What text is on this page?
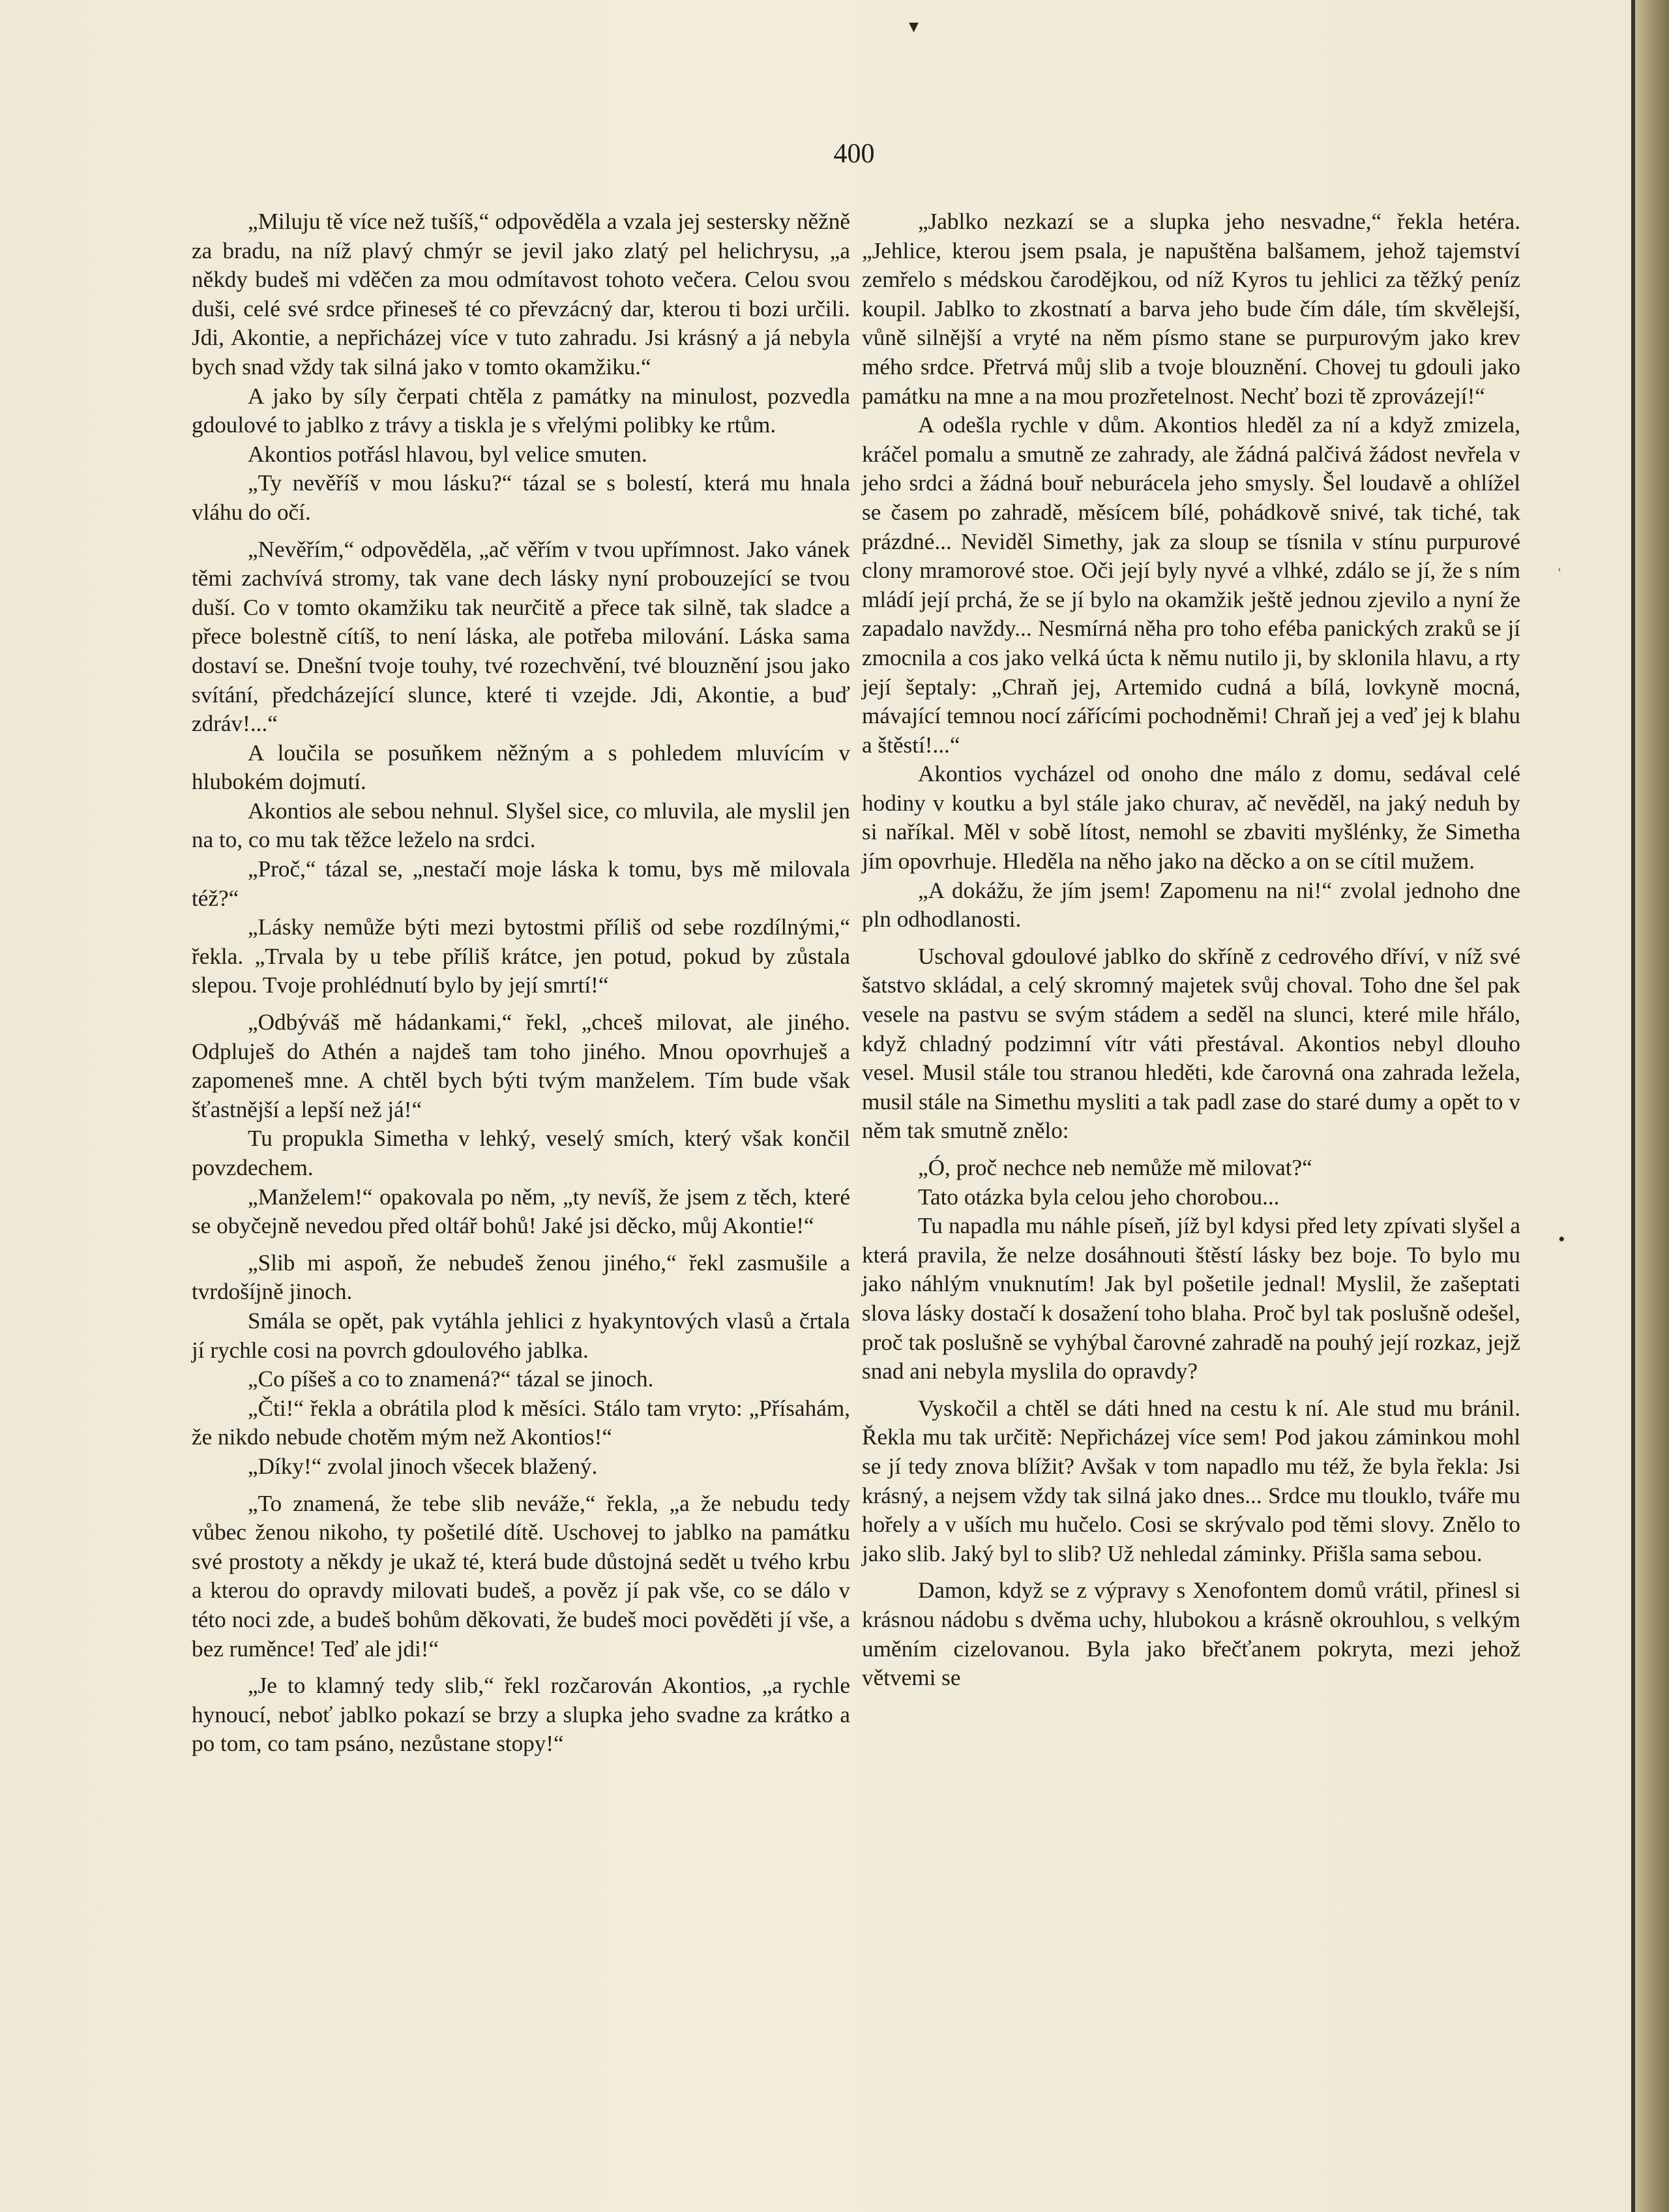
▾
•
'
400

„Miluju tě více než tušíš,“ odpověděla a vzala jej sestersky něžně za bradu, na níž plavý chmýr se jevil jako zlatý pel helichrysu, „a někdy budeš mi vděčen za mou odmítavost tohoto večera. Celou svou duši, celé své srdce přineseš té co převzácný dar, kterou ti bozi určili. Jdi, Akontie, a nepřicházej více v tuto zahradu. Jsi krásný a já nebyla bych snad vždy tak silná jako v tomto okamžiku.“

A jako by síly čerpati chtěla z památky na minulost, pozvedla gdoulové to jablko z trávy a tiskla je s vřelými polibky ke rtům.

Akontios potřásl hlavou, byl velice smuten.

„Ty nevěříš v mou lásku?“ tázal se s bolestí, která mu hnala vláhu do očí.

„Nevěřím,“ odpověděla, „ač věřím v tvou upřímnost. Jako vánek těmi zachvívá stromy, tak vane dech lásky nyní probouzející se tvou duší. Co v tomto okamžiku tak neurčitě a přece tak silně, tak sladce a přece bolestně cítíš, to není láska, ale potřeba milování. Láska sama dostaví se. Dnešní tvoje touhy, tvé rozechvění, tvé blouznění jsou jako svítání, předcházející slunce, které ti vzejde. Jdi, Akontie, a buď zdráv!...“

A loučila se posuňkem něžným a s pohledem mluvícím v hlubokém dojmutí.

Akontios ale sebou nehnul. Slyšel sice, co mluvila, ale myslil jen na to, co mu tak těžce leželo na srdci.

„Proč,“ tázal se, „nestačí moje láska k tomu, bys mě milovala též?“

„Lásky nemůže býti mezi bytostmi příliš od sebe rozdílnými,“ řekla. „Trvala by u tebe příliš krátce, jen potud, pokud by zůstala slepou. Tvoje prohlédnutí bylo by její smrtí!“

„Odbýváš mě hádankami,“ řekl, „chceš milovat, ale jiného. Odpluješ do Athén a najdeš tam toho jiného. Mnou opovrhuješ a zapomeneš mne. A chtěl bych býti tvým manželem. Tím bude však šťastnější a lepší než já!“

Tu propukla Simetha v lehký, veselý smích, který však končil povzdechem.

„Manželem!“ opakovala po něm, „ty nevíš, že jsem z těch, které se obyčejně nevedou před oltář bohů! Jaké jsi děcko, můj Akontie!“

„Slib mi aspoň, že nebudeš ženou jiného,“ řekl zasmušile a tvrdošíjně jinoch.

Smála se opět, pak vytáhla jehlici z hyakyntových vlasů a črtala jí rychle cosi na povrch gdoulového jablka.

„Co píšeš a co to znamená?“ tázal se jinoch.

„Čti!“ řekla a obrátila plod k měsíci. Stálo tam vryto: „Přísahám, že nikdo nebude chotěm mým než Akontios!“

„Díky!“ zvolal jinoch všecek blažený.

„To znamená, že tebe slib neváže,“ řekla, „a že nebudu tedy vůbec ženou nikoho, ty pošetilé dítě. Uschovej to jablko na památku své prostoty a někdy je ukaž té, která bude důstojná sedět u tvého krbu a kterou do opravdy milovati budeš, a pověz jí pak vše, co se dálo v této noci zde, a budeš bohům děkovati, že budeš moci pověděti jí vše, a bez ruměnce! Teď ale jdi!“

„Je to klamný tedy slib,“ řekl rozčarován Akontios, „a rychle hynoucí, neboť jablko pokazí se brzy a slupka jeho svadne za krátko a po tom, co tam psáno, nezůstane stopy!“

„Jablko nezkazí se a slupka jeho nesvadne,“ řekla hetéra. „Jehlice, kterou jsem psala, je napuštěna balšamem, jehož tajemství zemřelo s médskou čarodějkou, od níž Kyros tu jehlici za těžký peníz koupil. Jablko to zkostnatí a barva jeho bude čím dále, tím skvělejší, vůně silnější a vryté na něm písmo stane se purpurovým jako krev mého srdce. Přetrvá můj slib a tvoje blouznění. Chovej tu gdouli jako památku na mne a na mou prozřetelnost. Nechť bozi tě zprovázejí!“

A odešla rychle v dům. Akontios hleděl za ní a když zmizela, kráčel pomalu a smutně ze zahrady, ale žádná palčivá žádost nevřela v jeho srdci a žádná bouř neburácela jeho smysly. Šel loudavě a ohlížel se časem po zahradě, měsícem bílé, pohádkově snivé, tak tiché, tak prázdné... Neviděl Simethy, jak za sloup se tísnila v stínu purpurové clony mramorové stoe. Oči její byly nyvé a vlhké, zdálo se jí, že s ním mládí její prchá, že se jí bylo na okamžik ještě jednou zjevilo a nyní že zapadalo navždy... Nesmírná něha pro toho eféba panických zraků se jí zmocnila a cos jako velká úcta k němu nutilo ji, by sklonila hlavu, a rty její šeptaly: „Chraň jej, Artemido cudná a bílá, lovkyně mocná, mávající temnou nocí zářícími pochodněmi! Chraň jej a veď jej k blahu a štěstí!...“

Akontios vycházel od onoho dne málo z domu, sedával celé hodiny v koutku a byl stále jako churav, ač nevěděl, na jaký neduh by si naříkal. Měl v sobě lítost, nemohl se zbaviti myšlénky, že Simetha jím opovrhuje. Hleděla na něho jako na děcko a on se cítil mužem.

„A dokážu, že jím jsem! Zapomenu na ni!“ zvolal jednoho dne pln odhodlanosti.

Uschoval gdoulové jablko do skříně z cedrového dříví, v níž své šatstvo skládal, a celý skromný majetek svůj choval. Toho dne šel pak vesele na pastvu se svým stádem a seděl na slunci, které mile hřálo, když chladný podzimní vítr váti přestával. Akontios nebyl dlouho vesel. Musil stále tou stranou hleděti, kde čarovná ona zahrada ležela, musil stále na Simethu mysliti a tak padl zase do staré dumy a opět to v něm tak smutně znělo:

„Ó, proč nechce neb nemůže mě milovat?“

Tato otázka byla celou jeho chorobou...

Tu napadla mu náhle píseň, jíž byl kdysi před lety zpívati slyšel a která pravila, že nelze dosáhnouti štěstí lásky bez boje. To bylo mu jako náhlým vnuknutím! Jak byl pošetile jednal! Myslil, že zašeptati slova lásky dostačí k dosažení toho blaha. Proč byl tak poslušně odešel, proč tak poslušně se vyhýbal čarovné zahradě na pouhý její rozkaz, jejž snad ani nebyla myslila do opravdy?

Vyskočil a chtěl se dáti hned na cestu k ní. Ale stud mu bránil. Řekla mu tak určitě: Nepřicházej více sem! Pod jakou záminkou mohl se jí tedy znova blížit? Avšak v tom napadlo mu též, že byla řekla: Jsi krásný, a nejsem vždy tak silná jako dnes... Srdce mu tlouklo, tváře mu hořely a v uších mu hučelo. Cosi se skrývalo pod těmi slovy. Znělo to jako slib. Jaký byl to slib? Už nehledal záminky. Přišla sama sebou.

Damon, když se z výpravy s Xenofontem domů vrátil, přinesl si krásnou nádobu s dvěma uchy, hlubokou a krásně okrouhlou, s velkým uměním cizelovanou. Byla jako břečťanem pokryta, mezi jehož větvemi se
